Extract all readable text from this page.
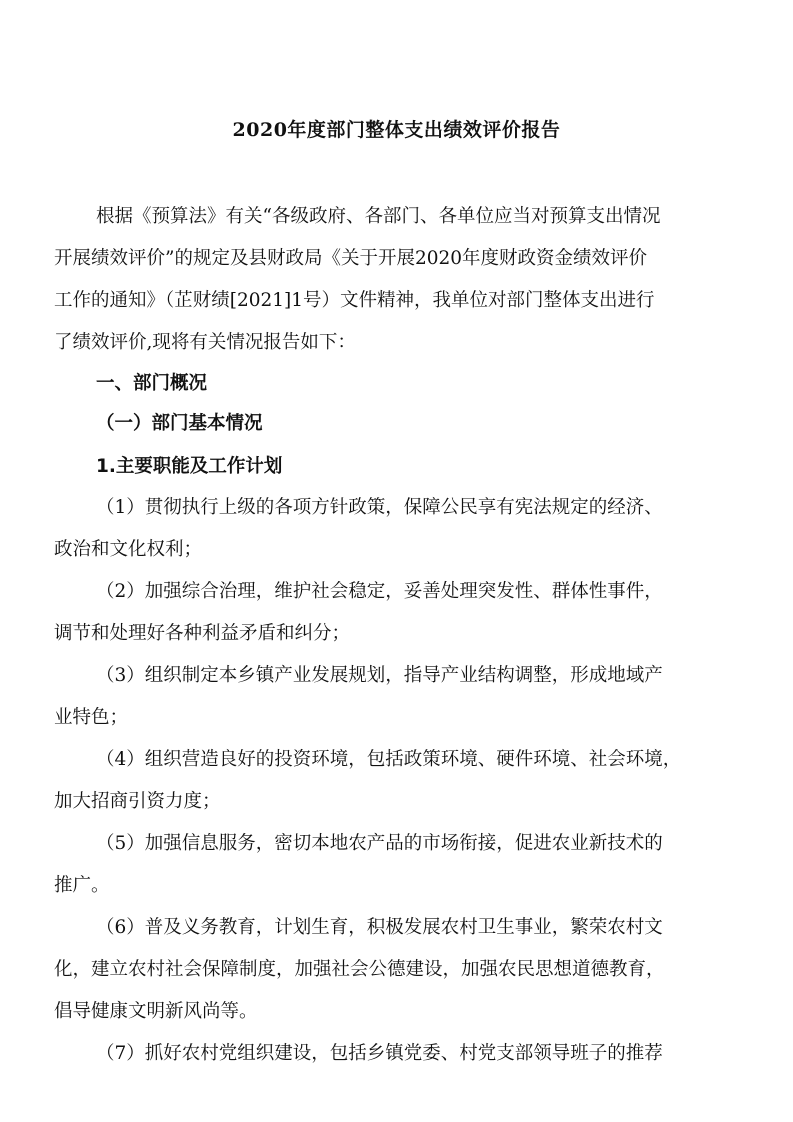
2020年度部门整体支出绩效评价报告
根据《预算法》有关“各级政府、各部门、各单位应当对预算支出情况
开展绩效评价”的规定及县财政局《关于开展2020年度财政资金绩效评价
工作的通知》（芷财绩[2021]1号）文件精神，我单位对部门整体支出进行
了绩效评价,现将有关情况报告如下：
一、部门概况
（一）部门基本情况
1.主要职能及工作计划
（1）贯彻执行上级的各项方针政策，保障公民享有宪法规定的经济、
政治和文化权利；
（2）加强综合治理，维护社会稳定，妥善处理突发性、群体性事件，
调节和处理好各种利益矛盾和纠分；
（3）组织制定本乡镇产业发展规划，指导产业结构调整，形成地域产
业特色；
（4）组织营造良好的投资环境，包括政策环境、硬件环境、社会环境，
加大招商引资力度；
（5）加强信息服务，密切本地农产品的市场衔接，促进农业新技术的
推广。
（6）普及义务教育，计划生育，积极发展农村卫生事业，繁荣农村文
化，建立农村社会保障制度，加强社会公德建设，加强农民思想道德教育，
倡导健康文明新风尚等。
（7）抓好农村党组织建设，包括乡镇党委、村党支部领导班子的推荐
